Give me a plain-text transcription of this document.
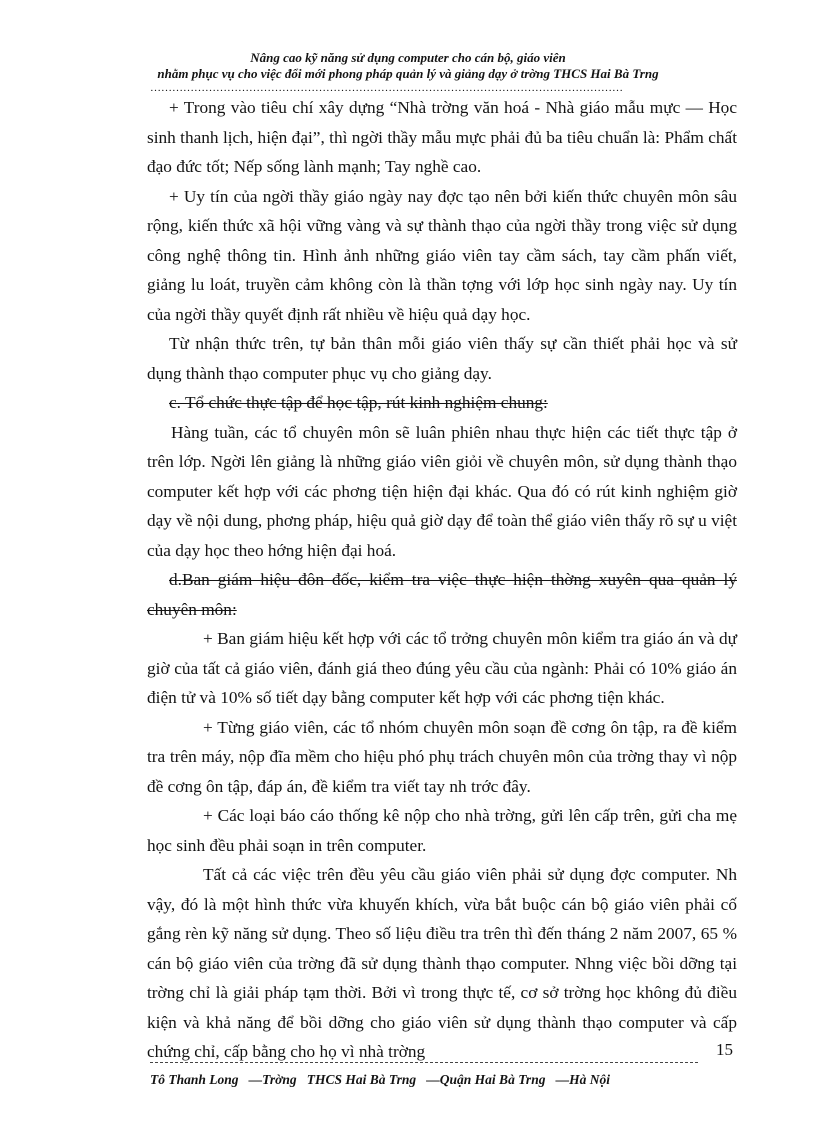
Nâng cao kỹ năng sử dụng computer cho cán bộ, giáo viên
nhằm phục vụ cho việc đổi mới phong pháp quản lý và giảng dạy ở trờng THCS Hai Bà Trng
…………………………………………………………………………………………………………………

+ Trong vào tiêu chí xây dựng “Nhà trờng văn hoá - Nhà giáo mẫu mực — Học sinh thanh lịch, hiện đại”, thì ngời thầy mẫu mực phải đủ ba tiêu chuẩn là: Phẩm chất đạo đức tốt; Nếp sống lành mạnh; Tay nghề cao.

+ Uy tín của ngời thầy giáo ngày nay đợc tạo nên bởi kiến thức chuyên môn sâu rộng, kiến thức xã hội vững vàng và sự thành thạo của ngời thầy trong việc sử dụng công nghệ thông tin. Hình ảnh những giáo viên tay cầm sách, tay cầm phấn viết, giảng lu loát, truyền cảm không còn là thần tợng với lớp học sinh ngày nay. Uy tín của ngời thầy quyết định rất nhiều về hiệu quả dạy học.

Từ nhận thức trên, tự bản thân mỗi giáo viên thấy sự cần thiết phải học và sử dụng thành thạo computer phục vụ cho giảng dạy.

c. Tổ chức thực tập để học tập, rút kinh nghiệm chung:

Hàng tuần, các tổ chuyên môn sẽ luân phiên nhau thực hiện các tiết thực tập ở trên lớp. Ngời lên giảng là những giáo viên giỏi về chuyên môn, sử dụng thành thạo computer kết hợp với các phơng tiện hiện đại khác. Qua đó có rút kinh nghiệm giờ dạy về nội dung, phơng pháp, hiệu quả giờ dạy để toàn thể giáo viên thấy rõ sự u việt của dạy học theo hớng hiện đại hoá.

d.Ban giám hiệu đôn đốc, kiểm tra việc thực hiện thờng xuyên qua quản lý chuyên môn:

+ Ban giám hiệu kết hợp với các tổ trởng chuyên môn kiểm tra giáo án và dự giờ của tất cả giáo viên, đánh giá theo đúng yêu cầu của ngành: Phải có 10% giáo án điện tử và 10% số tiết dạy bằng computer kết hợp với các phơng tiện khác.

+ Từng giáo viên, các tổ nhóm chuyên môn soạn đề cơng ôn tập, ra đề kiểm tra trên máy, nộp đĩa mềm cho hiệu phó phụ trách chuyên môn của trờng thay vì nộp đề cơng ôn tập, đáp án, đề kiểm tra viết tay nh trớc đây.

+ Các loại báo cáo thống kê nộp cho nhà trờng, gửi lên cấp trên, gửi cha mẹ học sinh đều phải soạn in trên computer.

Tất cả các việc trên đều yêu cầu giáo viên phải sử dụng đợc computer. Nh vậy, đó là một hình thức vừa khuyến khích, vừa bắt buộc cán bộ giáo viên phải cố gắng rèn kỹ năng sử dụng. Theo số liệu điều tra trên thì đến tháng 2 năm 2007, 65 % cán bộ giáo viên của trờng đã sử dụng thành thạo computer. Nhng việc bồi dỡng tại trờng chỉ là giải pháp tạm thời. Bởi vì trong thực tế, cơ sở trờng học không đủ điều kiện và khả năng để bồi dỡng cho giáo viên sử dụng thành thạo computer và cấp chứng chỉ, cấp bằng cho họ vì nhà trờng	15
Tô Thanh Long   —Trờng   THCS Hai Bà Trng   —Quận Hai Bà Trng   —Hà Nội
